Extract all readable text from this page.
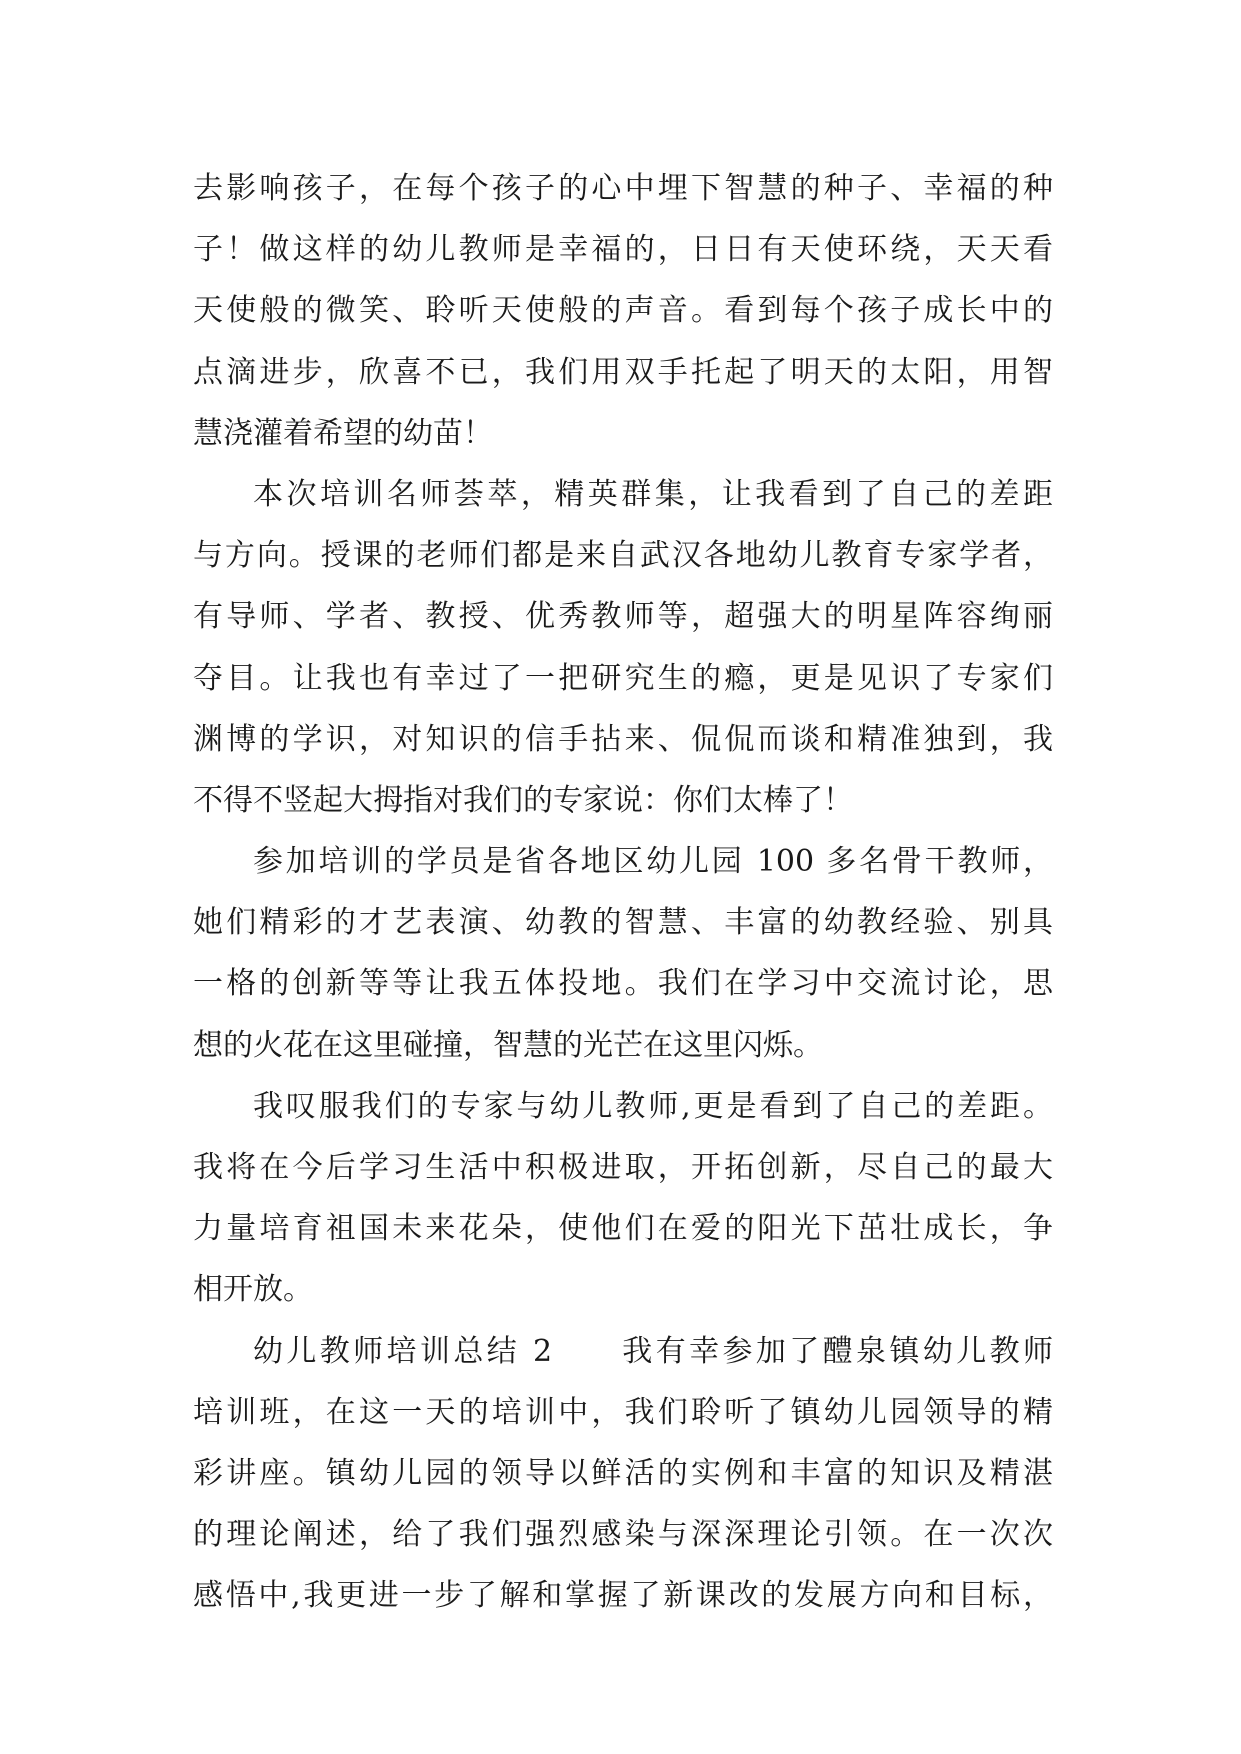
去影响孩子，在每个孩子的心中埋下智慧的种子、幸福的种
子！做这样的幼儿教师是幸福的，日日有天使环绕，天天看
天使般的微笑、聆听天使般的声音。看到每个孩子成长中的
点滴进步，欣喜不已，我们用双手托起了明天的太阳，用智
慧浇灌着希望的幼苗！
本次培训名师荟萃，精英群集，让我看到了自己的差距
与方向。授课的老师们都是来自武汉各地幼儿教育专家学者，
有导师、学者、教授、优秀教师等，超强大的明星阵容绚丽
夺目。让我也有幸过了一把研究生的瘾，更是见识了专家们
渊博的学识，对知识的信手拈来、侃侃而谈和精准独到，我
不得不竖起大拇指对我们的专家说：你们太棒了！
参加培训的学员是省各地区幼儿园 100 多名骨干教师，
她们精彩的才艺表演、幼教的智慧、丰富的幼教经验、别具
一格的创新等等让我五体投地。我们在学习中交流讨论，思
想的火花在这里碰撞，智慧的光芒在这里闪烁。
我叹服我们的专家与幼儿教师,更是看到了自己的差距。
我将在今后学习生活中积极进取，开拓创新，尽自己的最大
力量培育祖国未来花朵，使他们在爱的阳光下茁壮成长，争
相开放。
幼儿教师培训总结 2　　我有幸参加了醴泉镇幼儿教师
培训班，在这一天的培训中，我们聆听了镇幼儿园领导的精
彩讲座。镇幼儿园的领导以鲜活的实例和丰富的知识及精湛
的理论阐述，给了我们强烈感染与深深理论引领。在一次次
感悟中,我更进一步了解和掌握了新课改的发展方向和目标，
